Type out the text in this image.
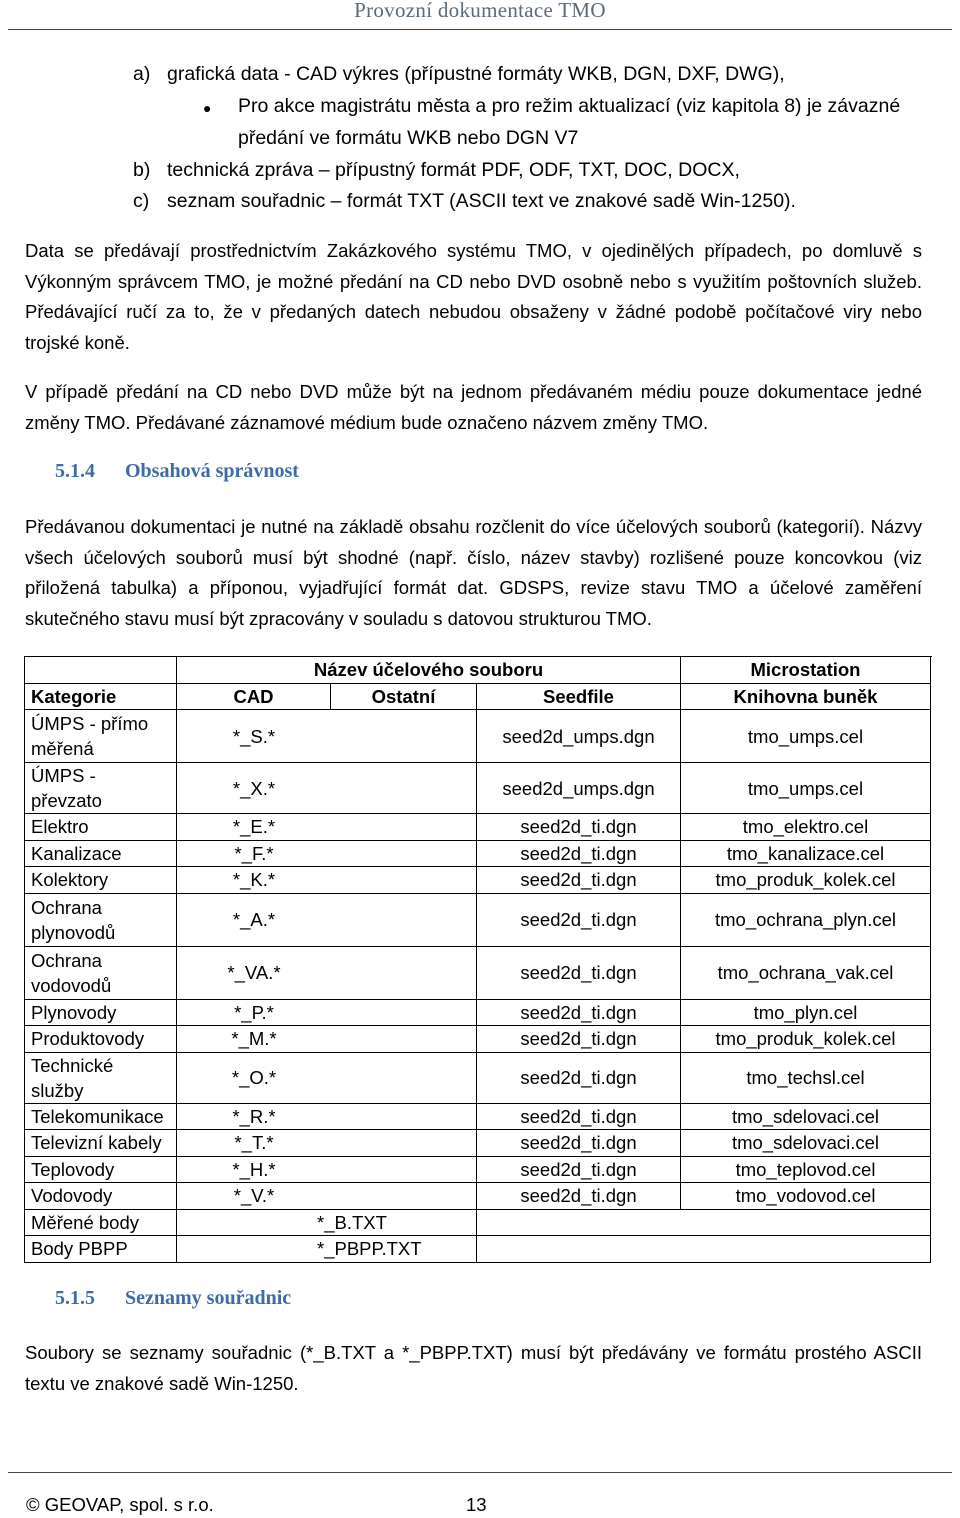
Provozní dokumentace TMO
a) grafická data - CAD výkres (přípustné formáty WKB, DGN, DXF, DWG),
● Pro akce magistrátu města a pro režim aktualizací (viz kapitola 8) je závazné
předání ve formátu WKB nebo DGN V7
b) technická zpráva – přípustný formát PDF, ODF, TXT, DOC, DOCX,
c) seznam souřadnic – formát TXT (ASCII text ve znakové sadě Win-1250).

Data se předávají prostřednictvím Zakázkového systému TMO, v ojedinělých případech, po domluvě s Výkonným správcem TMO, je možné předání na CD nebo DVD osobně nebo s využitím poštovních služeb. Předávající ručí za to, že v předaných datech nebudou obsaženy v žádné podobě počítačové viry nebo trojské koně.

V případě předání na CD nebo DVD může být na jednom předávaném médiu pouze dokumentace jedné změny TMO. Předávané záznamové médium bude označeno názvem změny TMO.

5.1.4 Obsahová správnost

Předávanou dokumentaci je nutné na základě obsahu rozčlenit do více účelových souborů (kategorií). Názvy všech účelových souborů musí být shodné (např. číslo, název stavby) rozlišené pouze koncovkou (viz přiložená tabulka) a příponou, vyjadřující formát dat. GDSPS, revize stavu TMO a účelové zaměření skutečného stavu musí být zpracovány v souladu s datovou strukturou TMO.

	Název účelového souboru			Microstation
Kategorie	CAD	Ostatní	Seedfile	Knihovna buněk
ÚMPS - přímo měřená	*_S.*		seed2d_umps.dgn	tmo_umps.cel
ÚMPS - převzato	*_X.*		seed2d_umps.dgn	tmo_umps.cel
Elektro	*_E.*		seed2d_ti.dgn	tmo_elektro.cel
Kanalizace	*_F.*		seed2d_ti.dgn	tmo_kanalizace.cel
Kolektory	*_K.*		seed2d_ti.dgn	tmo_produk_kolek.cel
Ochrana plynovodů	*_A.*		seed2d_ti.dgn	tmo_ochrana_plyn.cel
Ochrana vodovodů	*_VA.*		seed2d_ti.dgn	tmo_ochrana_vak.cel
Plynovody	*_P.*		seed2d_ti.dgn	tmo_plyn.cel
Produktovody	*_M.*		seed2d_ti.dgn	tmo_produk_kolek.cel
Technické služby	*_O.*		seed2d_ti.dgn	tmo_techsl.cel
Telekomunikace	*_R.*		seed2d_ti.dgn	tmo_sdelovaci.cel
Televizní kabely	*_T.*		seed2d_ti.dgn	tmo_sdelovaci.cel
Teplovody	*_H.*		seed2d_ti.dgn	tmo_teplovod.cel
Vodovody	*_V.*		seed2d_ti.dgn	tmo_vodovod.cel
Měřené body	*_B.TXT			
Body PBPP	*_PBPP.TXT			
5.1.5 Seznamy souřadnic

Soubory se seznamy souřadnic (*_B.TXT a *_PBPP.TXT) musí být předávány ve formátu prostého ASCII textu ve znakové sadě Win-1250.

© GEOVAP, spol. s r.o.	13
